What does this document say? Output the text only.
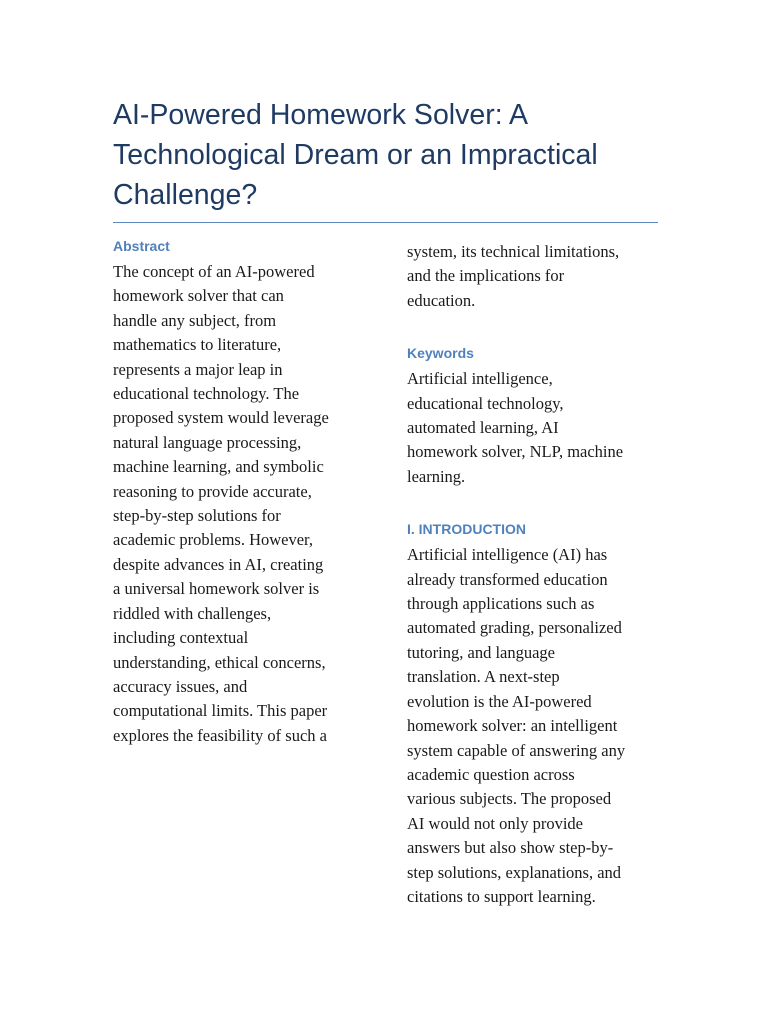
AI-Powered Homework Solver: A
Technological Dream or an Impractical
Challenge?
Abstract

The concept of an AI-powered
homework solver that can
handle any subject, from
mathematics to literature,
represents a major leap in
educational technology. The
proposed system would leverage
natural language processing,
machine learning, and symbolic
reasoning to provide accurate,
step-by-step solutions for
academic problems. However,
despite advances in AI, creating
a universal homework solver is
riddled with challenges,
including contextual
understanding, ethical concerns,
accuracy issues, and
computational limits. This paper
explores the feasibility of such a

system, its technical limitations,
and the implications for
education.

Keywords

Artificial intelligence,
educational technology,
automated learning, AI
homework solver, NLP, machine
learning.

I. INTRODUCTION

Artificial intelligence (AI) has
already transformed education
through applications such as
automated grading, personalized
tutoring, and language
translation. A next-step
evolution is the AI-powered
homework solver: an intelligent
system capable of answering any
academic question across
various subjects. The proposed
AI would not only provide
answers but also show step-by-
step solutions, explanations, and
citations to support learning.
